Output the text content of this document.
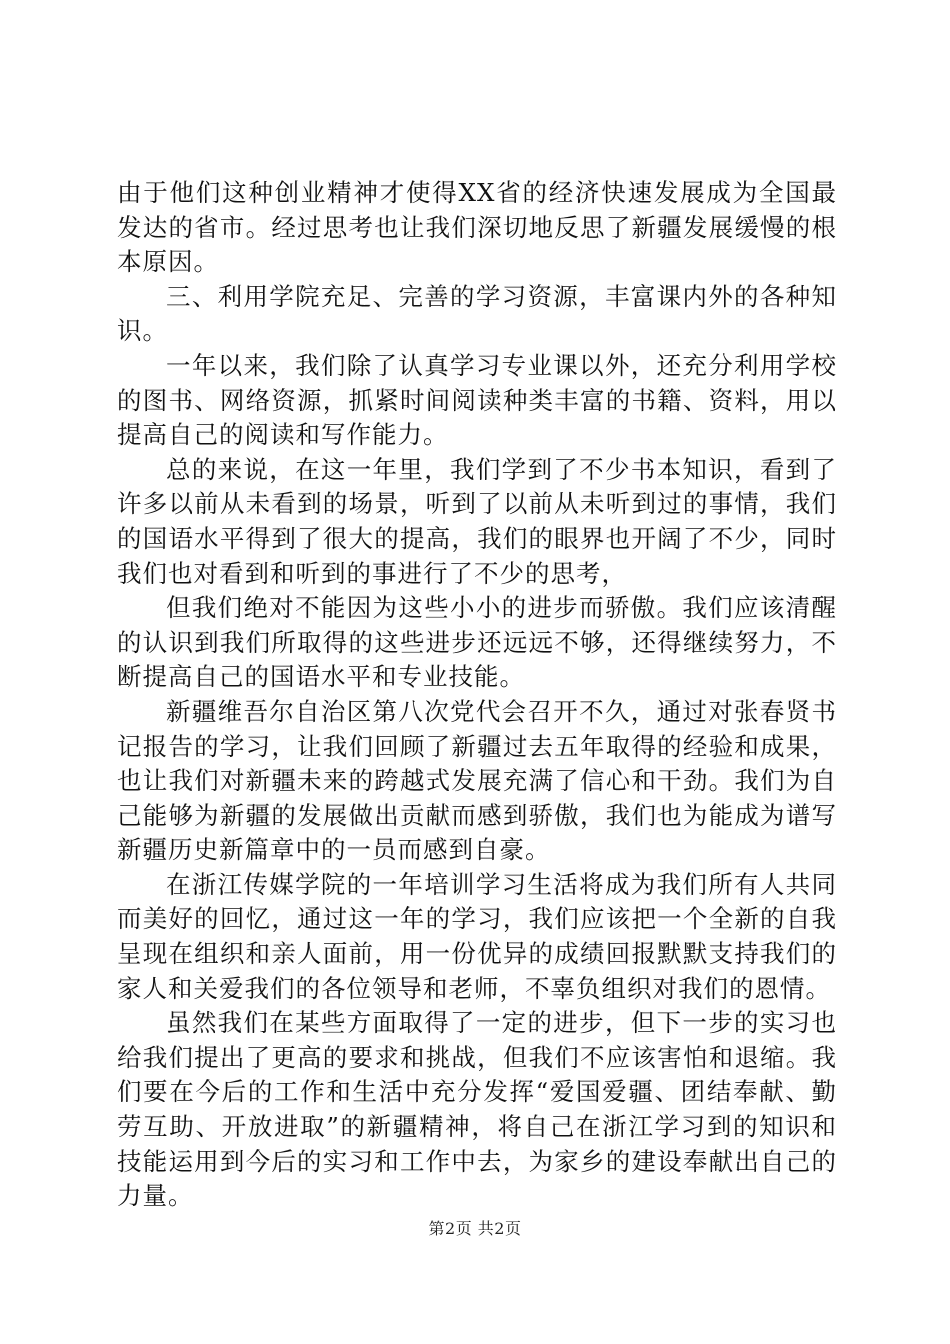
由于他们这种创业精神才使得XX省的经济快速发展成为全国最发达的省市。经过思考也让我们深切地反思了新疆发展缓慢的根本原因。

三、利用学院充足、完善的学习资源，丰富课内外的各种知识。

一年以来，我们除了认真学习专业课以外，还充分利用学校的图书、网络资源，抓紧时间阅读种类丰富的书籍、资料，用以提高自己的阅读和写作能力。

总的来说，在这一年里，我们学到了不少书本知识，看到了许多以前从未看到的场景，听到了以前从未听到过的事情，我们的国语水平得到了很大的提高，我们的眼界也开阔了不少，同时我们也对看到和听到的事进行了不少的思考，

但我们绝对不能因为这些小小的进步而骄傲。我们应该清醒的认识到我们所取得的这些进步还远远不够，还得继续努力，不断提高自己的国语水平和专业技能。

新疆维吾尔自治区第八次党代会召开不久，通过对张春贤书记报告的学习，让我们回顾了新疆过去五年取得的经验和成果，也让我们对新疆未来的跨越式发展充满了信心和干劲。我们为自己能够为新疆的发展做出贡献而感到骄傲，我们也为能成为谱写新疆历史新篇章中的一员而感到自豪。

在浙江传媒学院的一年培训学习生活将成为我们所有人共同而美好的回忆，通过这一年的学习，我们应该把一个全新的自我呈现在组织和亲人面前，用一份优异的成绩回报默默支持我们的家人和关爱我们的各位领导和老师，不辜负组织对我们的恩情。

虽然我们在某些方面取得了一定的进步，但下一步的实习也给我们提出了更高的要求和挑战，但我们不应该害怕和退缩。我们要在今后的工作和生活中充分发挥“爱国爱疆、团结奉献、勤劳互助、开放进取”的新疆精神，将自己在浙江学习到的知识和技能运用到今后的实习和工作中去，为家乡的建设奉献出自己的力量。

第2页 共2页
